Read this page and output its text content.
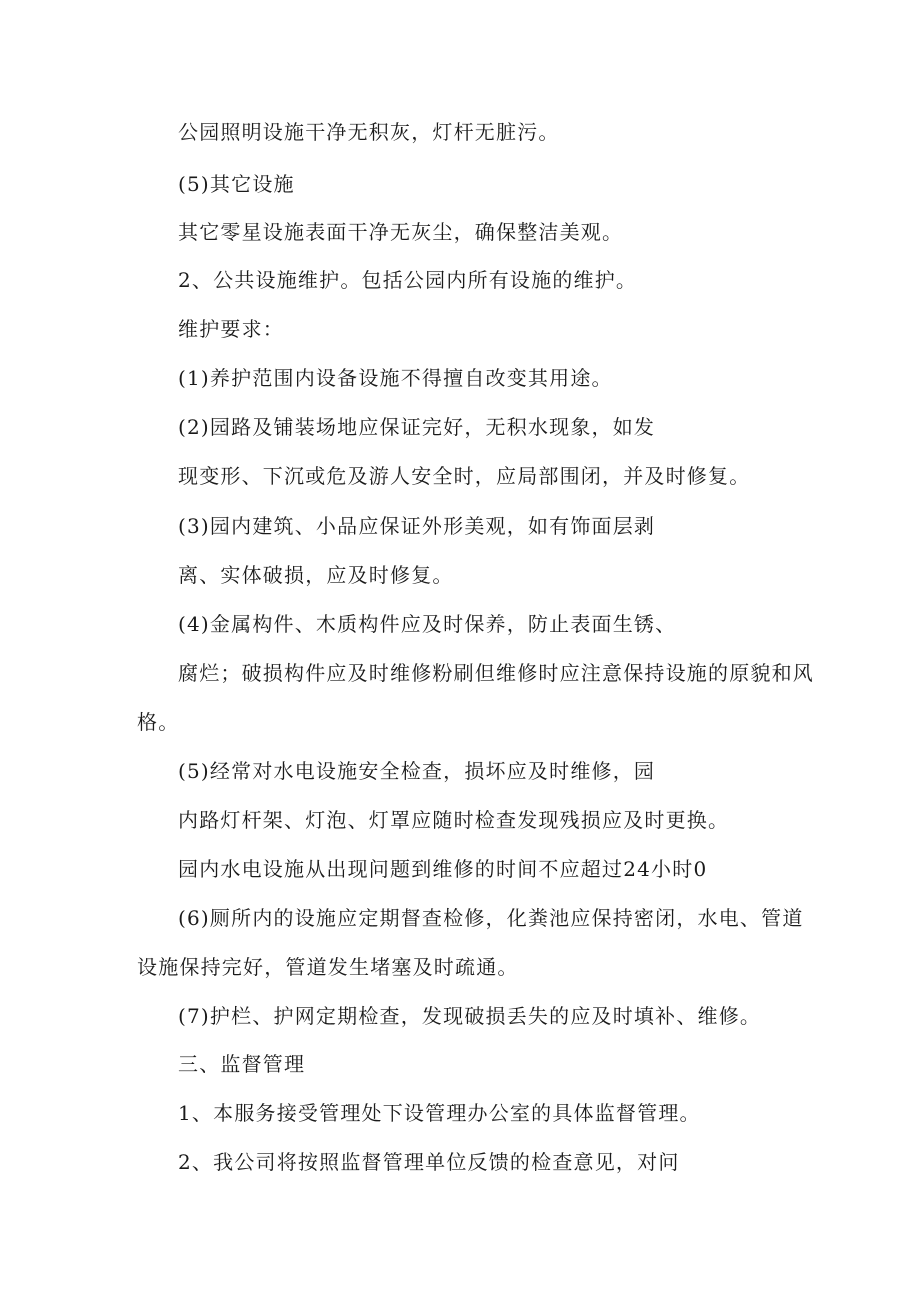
公园照明设施干净无积灰，灯杆无脏污。

(5)其它设施

其它零星设施表面干净无灰尘，确保整洁美观。

2、公共设施维护。包括公园内所有设施的维护。

维护要求：

(1)养护范围内设备设施不得擅自改变其用途。

(2)园路及铺装场地应保证完好，无积水现象，如发

现变形、下沉或危及游人安全时，应局部围闭，并及时修复。

(3)园内建筑、小品应保证外形美观，如有饰面层剥

离、实体破损，应及时修复。

(4)金属构件、木质构件应及时保养，防止表面生锈、

腐烂；破损构件应及时维修粉刷但维修时应注意保持设施的原貌和风

格。

(5)经常对水电设施安全检查，损坏应及时维修，园

内路灯杆架、灯泡、灯罩应随时检查发现残损应及时更换。

园内水电设施从出现问题到维修的时间不应超过24小时0

(6)厕所内的设施应定期督查检修，化粪池应保持密闭，水电、管道

设施保持完好，管道发生堵塞及时疏通。

(7)护栏、护网定期检查，发现破损丢失的应及时填补、维修。

三、监督管理

1、本服务接受管理处下设管理办公室的具体监督管理。

2、我公司将按照监督管理单位反馈的检查意见，对问
